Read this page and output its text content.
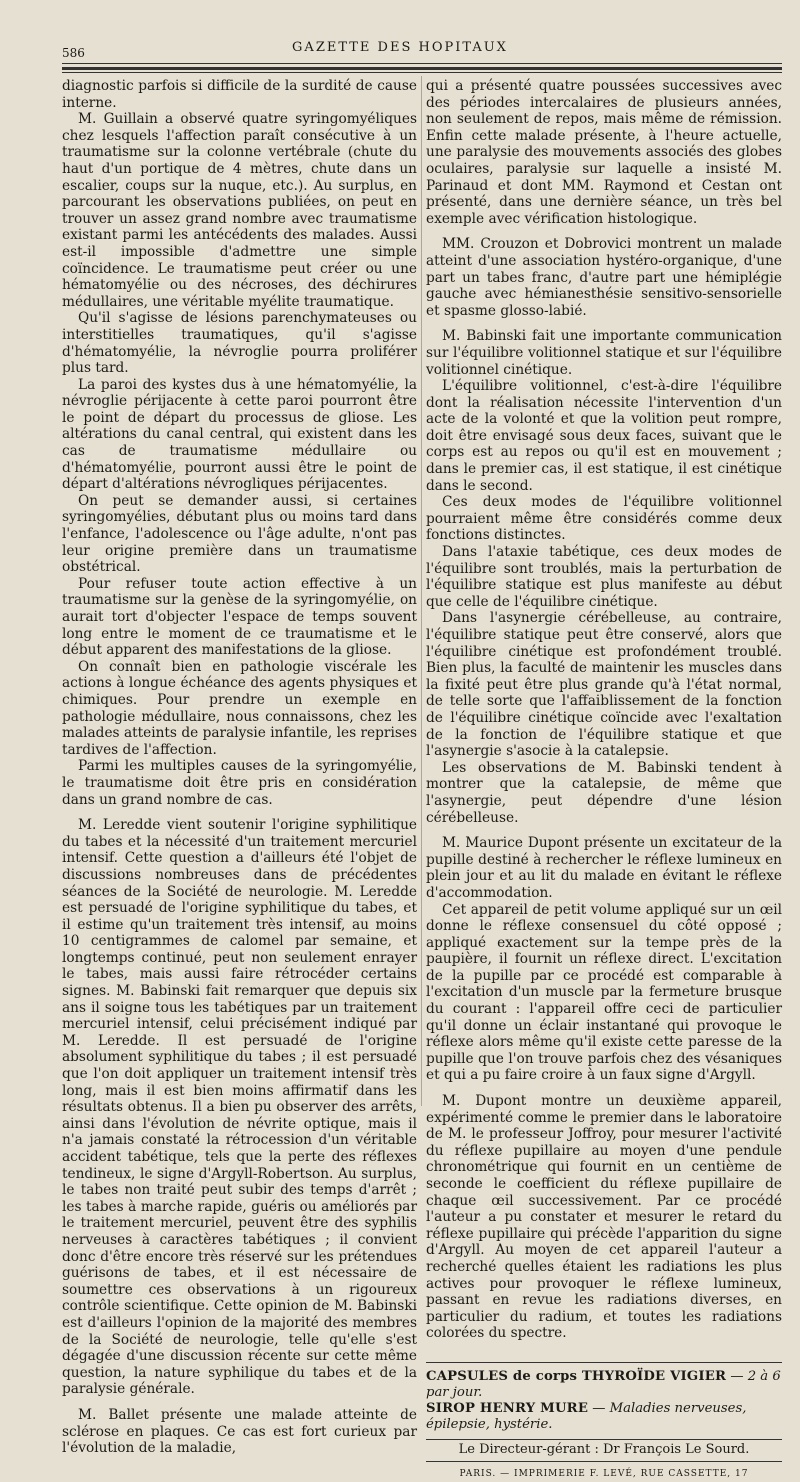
586	GAZETTE DES HOPITAUX

diagnostic parfois si difficile de la surdité de cause interne.

M. Guillain a observé quatre syringomyéliques chez lesquels l'affection paraît consécutive à un traumatisme sur la colonne vertébrale (chute du haut d'un portique de 4 mètres, chute dans un escalier, coups sur la nuque, etc.). Au surplus, en parcourant les observations publiées, on peut en trouver un assez grand nombre avec traumatisme existant parmi les antécédents des malades. Aussi est-il impossible d'admettre une simple coïncidence. Le traumatisme peut créer ou une hématomyélie ou des nécroses, des déchirures médullaires, une véritable myélite traumatique.

Qu'il s'agisse de lésions parenchymateuses ou interstitielles traumatiques, qu'il s'agisse d'hématomyélie, la névroglie pourra proliférer plus tard.

La paroi des kystes dus à une hématomyélie, la névroglie périjacente à cette paroi pourront être le point de départ du processus de gliose. Les altérations du canal central, qui existent dans les cas de traumatisme médullaire ou d'hématomyélie, pourront aussi être le point de départ d'altérations névrogliques périjacentes.

On peut se demander aussi, si certaines syringomyélies, débutant plus ou moins tard dans l'enfance, l'adolescence ou l'âge adulte, n'ont pas leur origine première dans un traumatisme obstétrical.

Pour refuser toute action effective à un traumatisme sur la genèse de la syringomyélie, on aurait tort d'objecter l'espace de temps souvent long entre le moment de ce traumatisme et le début apparent des manifestations de la gliose.

On connaît bien en pathologie viscérale les actions à longue échéance des agents physiques et chimiques. Pour prendre un exemple en pathologie médullaire, nous connaissons, chez les malades atteints de paralysie infantile, les reprises tardives de l'affection.

Parmi les multiples causes de la syringomyélie, le traumatisme doit être pris en considération dans un grand nombre de cas.

M. Leredde vient soutenir l'origine syphilitique du tabes et la nécessité d'un traitement mercuriel intensif. Cette question a d'ailleurs été l'objet de discussions nombreuses dans de précédentes séances de la Société de neurologie. M. Leredde est persuadé de l'origine syphilitique du tabes, et il estime qu'un traitement très intensif, au moins 10 centigrammes de calomel par semaine, et longtemps continué, peut non seulement enrayer le tabes, mais aussi faire rétrocéder certains signes. M. Babinski fait remarquer que depuis six ans il soigne tous les tabétiques par un traitement mercuriel intensif, celui précisément indiqué par M. Leredde. Il est persuadé de l'origine absolument syphilitique du tabes ; il est persuadé que l'on doit appliquer un traitement intensif très long, mais il est bien moins affirmatif dans les résultats obtenus. Il a bien pu observer des arrêts, ainsi dans l'évolution de névrite optique, mais il n'a jamais constaté la rétrocession d'un véritable accident tabétique, tels que la perte des réflexes tendineux, le signe d'Argyll-Robertson. Au surplus, le tabes non traité peut subir des temps d'arrêt ; les tabes à marche rapide, guéris ou améliorés par le traitement mercuriel, peuvent être des syphilis nerveuses à caractères tabétiques ; il convient donc d'être encore très réservé sur les prétendues guérisons de tabes, et il est nécessaire de soumettre ces observations à un rigoureux contrôle scientifique. Cette opinion de M. Babinski est d'ailleurs l'opinion de la majorité des membres de la Société de neurologie, telle qu'elle s'est dégagée d'une discussion récente sur cette même question, la nature syphilique du tabes et de la paralysie générale.

M. Ballet présente une malade atteinte de sclérose en plaques. Ce cas est fort curieux par l'évolution de la maladie,

qui a présenté quatre poussées successives avec des périodes intercalaires de plusieurs années, non seulement de repos, mais même de rémission. Enfin cette malade présente, à l'heure actuelle, une paralysie des mouvements associés des globes oculaires, paralysie sur laquelle a insisté M. Parinaud et dont MM. Raymond et Cestan ont présenté, dans une dernière séance, un très bel exemple avec vérification histologique.

MM. Crouzon et Dobrovici montrent un malade atteint d'une association hystéro-organique, d'une part un tabes franc, d'autre part une hémiplégie gauche avec hémianesthésie sensitivo-sensorielle et spasme glosso-labié.

M. Babinski fait une importante communication sur l'équilibre volitionnel statique et sur l'équilibre volitionnel cinétique.

L'équilibre volitionnel, c'est-à-dire l'équilibre dont la réalisation nécessite l'intervention d'un acte de la volonté et que la volition peut rompre, doit être envisagé sous deux faces, suivant que le corps est au repos ou qu'il est en mouvement ; dans le premier cas, il est statique, il est cinétique dans le second.

Ces deux modes de l'équilibre volitionnel pourraient même être considérés comme deux fonctions distinctes.

Dans l'ataxie tabétique, ces deux modes de l'équilibre sont troublés, mais la perturbation de l'équilibre statique est plus manifeste au début que celle de l'équilibre cinétique.

Dans l'asynergie cérébelleuse, au contraire, l'équilibre statique peut être conservé, alors que l'équilibre cinétique est profondément troublé. Bien plus, la faculté de maintenir les muscles dans la fixité peut être plus grande qu'à l'état normal, de telle sorte que l'affaiblissement de la fonction de l'équilibre cinétique coïncide avec l'exaltation de la fonction de l'équilibre statique et que l'asynergie s'asocie à la catalepsie.

Les observations de M. Babinski tendent à montrer que la catalepsie, de même que l'asynergie, peut dépendre d'une lésion cérébelleuse.

M. Maurice Dupont présente un excitateur de la pupille destiné à rechercher le réflexe lumineux en plein jour et au lit du malade en évitant le réflexe d'accommodation.

Cet appareil de petit volume appliqué sur un œil donne le réflexe consensuel du côté opposé ; appliqué exactement sur la tempe près de la paupière, il fournit un réflexe direct. L'excitation de la pupille par ce procédé est comparable à l'excitation d'un muscle par la fermeture brusque du courant : l'appareil offre ceci de particulier qu'il donne un éclair instantané qui provoque le réflexe alors même qu'il existe cette paresse de la pupille que l'on trouve parfois chez des vésaniques et qui a pu faire croire à un faux signe d'Argyll.

M. Dupont montre un deuxième appareil, expérimenté comme le premier dans le laboratoire de M. le professeur Joffroy, pour mesurer l'activité du réflexe pupillaire au moyen d'une pendule chronométrique qui fournit en un centième de seconde le coefficient du réflexe pupillaire de chaque œil successivement. Par ce procédé l'auteur a pu constater et mesurer le retard du réflexe pupillaire qui précède l'apparition du signe d'Argyll. Au moyen de cet appareil l'auteur a recherché quelles étaient les radiations les plus actives pour provoquer le réflexe lumineux, passant en revue les radiations diverses, en particulier du radium, et toutes les radiations colorées du spectre.

CAPSULES de corps THYROÏDE VIGIER — 2 à 6 par jour.

SIROP HENRY MURE — Maladies nerveuses, épilepsie, hystérie.

Le Directeur-gérant : Dr François Le Sourd.

PARIS. — IMPRIMERIE F. LEVÉ, RUE CASSETTE, 17
